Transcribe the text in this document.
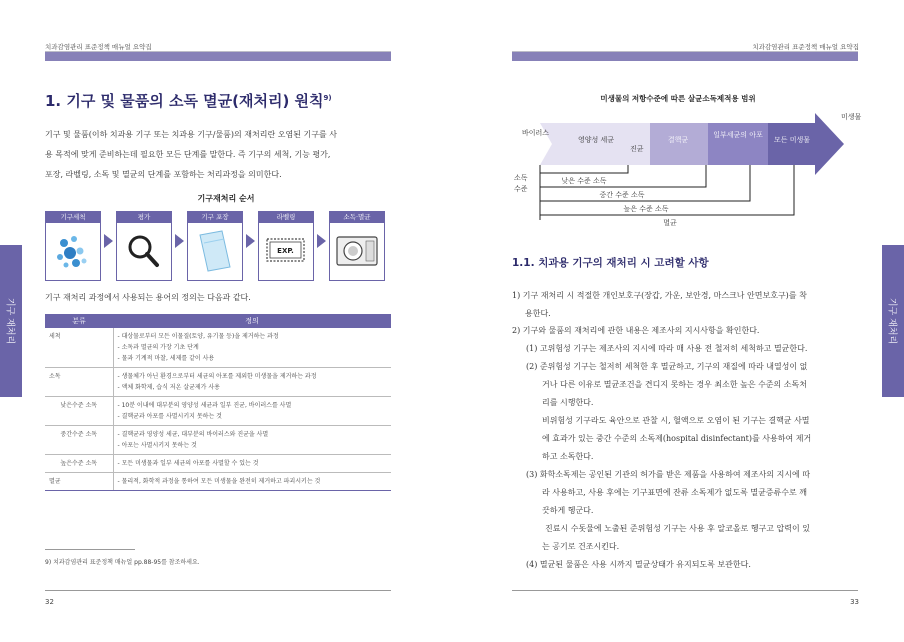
치과감염관리 표준정책 매뉴얼 요약집
기구 재처리
1. 기구 및 물품의 소독 멸균(재처리) 원칙$^{9)}$
기구 및 물품(이하 치과용 기구 또는 치과용 기구/물품)의 재처리란 오염된 기구를 사
용 목적에 맞게 준비하는데 필요한 모든 단계를 말한다. 즉 기구의 세척, 기능 평가,
포장, 라벨링, 소독 및 멸균의 단계를 포함하는 처리과정을 의미한다.
기구재처리 순서
기구세척	평가	기구 포장	라벨링
EXP.
소독·멸균
기구 재처리 과정에서 사용되는 용어의 정의는 다음과 같다.
분류	정의
세척	- 대상물로부터 모든 이물질(토양, 유기물 등)을 제거하는 과정
- 소독과 멸균의 가장 기초 단계
- 물과 기계적 마찰, 세제를 같이 사용

소독	- 생물체가 아닌 환경으로부터 세균의 아포를 제외한 미생물을 제거하는 과정
- 액체 화학제, 습식 저온 살균제가 사용

낮은수준 소독	- 10분 이내에 대부분의 영양성 세균과 일부 진균, 바이러스를 사멸
- 결핵균과 아포를 사멸시키지 못하는 것

중간수준 소독	- 결핵균과 영양성 세균, 대부분의 바이러스와 진균을 사멸
- 아포는 사멸시키지 못하는 것

높은수준 소독	- 모든 미생물과 일부 세균의 아포를 사멸할 수 있는 것

멸균	- 물리적, 화학적 과정을 통하여 모든 미생물을 완전히 제거하고 파괴시키는 것
9) 치과감염관리 표준정책 매뉴얼 pp.88-95를 참조하세요.
32
치과감염관리 표준정책 매뉴얼 요약집
기구 재처리
미생물의 저항수준에 따른 살균소독제적용 범위
미생물
바이러스
영양성 세균
진균
결핵균
일부세균의 아포
모든 미생물
소독
수준
낮은 수준 소독
중간 수준 소독
높은 수준 소독
멸균
1.1. 치과용 기구의 재처리 시 고려할 사항
1) 기구 재처리 시 적절한 개인보호구(장갑, 가운, 보안경, 마스크나 안면보호구)를 착
용한다.
2) 기구와 물품의 재처리에 관한 내용은 제조사의 지시사항을 확인한다.
(1) 고위험성 기구는 제조사의 지시에 따라 매 사용 전 철저히 세척하고 멸균한다.
(2) 준위험성 기구는 철저히 세척한 후 멸균하고, 기구의 재질에 따라 내열성이 없
거나 다른 이유로 멸균조건을 견디지 못하는 경우 최소한 높은 수준의 소독처
리를 시행한다.
비위험성 기구라도 육안으로 관찰 시, 혈액으로 오염이 된 기구는 결핵균 사멸
에 효과가 있는 중간 수준의 소독제(hospital disinfectant)를 사용하여 제거
하고 소독한다.
(3) 화학소독제는 공인된 기관의 허가를 받은 제품을 사용하여 제조사의 지시에 따
라 사용하고, 사용 후에는 기구표면에 잔류 소독제가 없도록 멸균증류수로 깨
끗하게 헹군다.
진료시 수돗물에 노출된 준위험성 기구는 사용 후 알코올로 헹구고 압력이 있
는 공기로 건조시킨다.
(4) 멸균된 물품은 사용 시까지 멸균상태가 유지되도록 보관한다.
33
